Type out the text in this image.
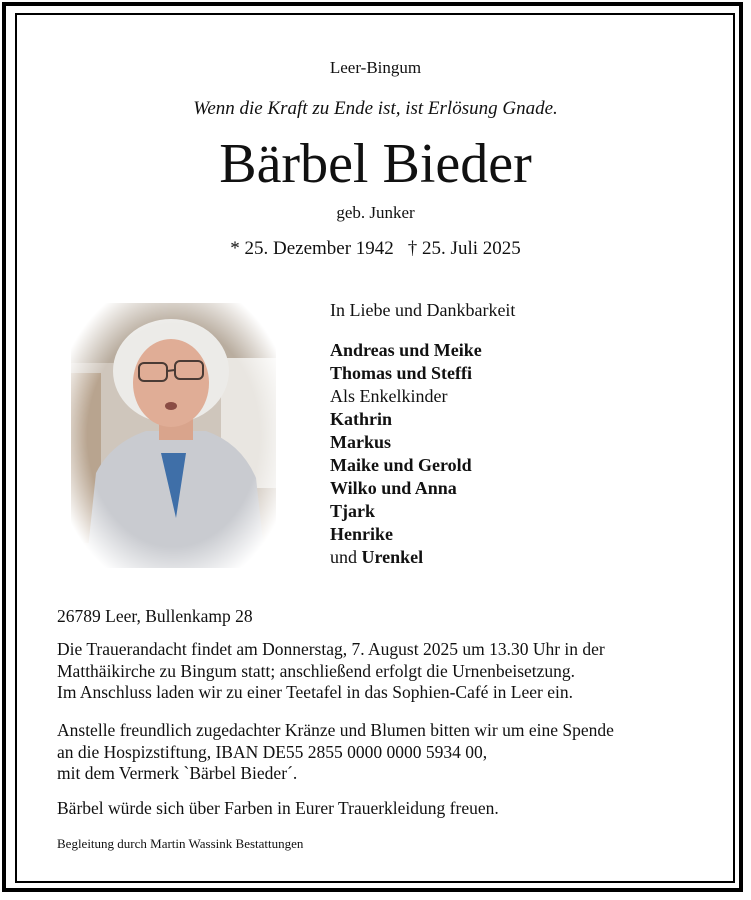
Leer-Bingum
Wenn die Kraft zu Ende ist, ist Erlösung Gnade.
Bärbel Bieder
geb. Junker
* 25. Dezember 1942 † 25. Juli 2025
In Liebe und Dankbarkeit
Andreas und Meike
Thomas und Steffi
Als Enkelkinder
Kathrin
Markus
Maike und Gerold
Wilko und Anna
Tjark
Henrike
und Urenkel
26789 Leer, Bullenkamp 28
Die Trauerandacht findet am Donnerstag, 7. August 2025 um 13.30 Uhr in der
Matthäikirche zu Bingum statt; anschließend erfolgt die Urnenbeisetzung.
Im Anschluss laden wir zu einer Teetafel in das Sophien-Café in Leer ein.
Anstelle freundlich zugedachter Kränze und Blumen bitten wir um eine Spende
an die Hospizstiftung, IBAN DE55 2855 0000 0000 5934 00,
mit dem Vermerk `Bärbel Bieder´.
Bärbel würde sich über Farben in Eurer Trauerkleidung freuen.
Begleitung durch Martin Wassink Bestattungen
